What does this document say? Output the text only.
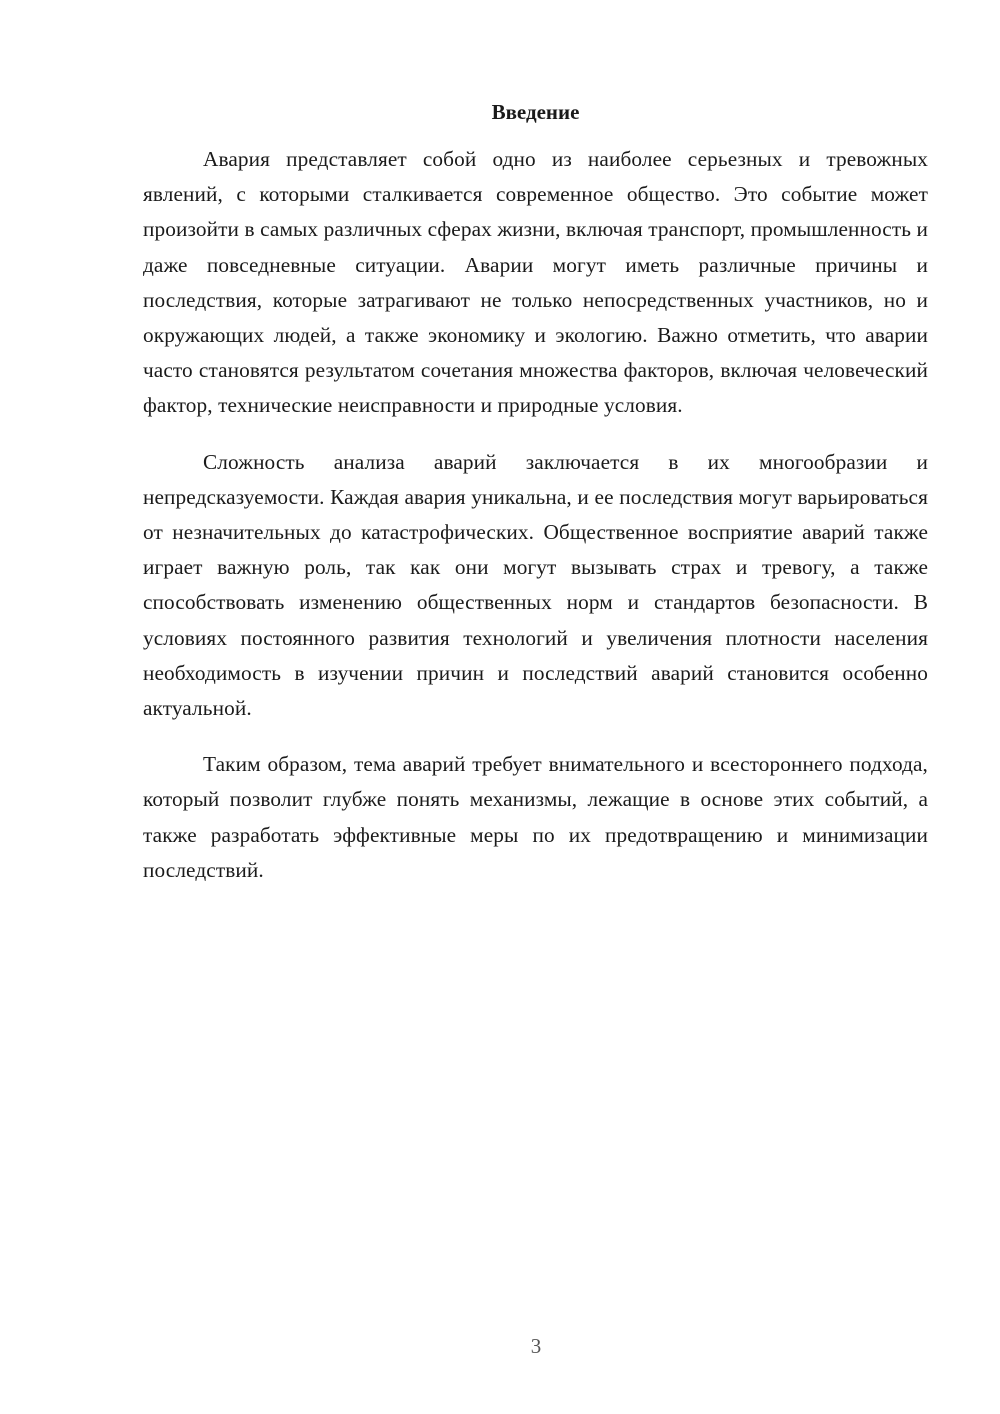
Введение

Авария представляет собой одно из наиболее серьезных и тревожных явлений, с которыми сталкивается современное общество. Это событие может произойти в самых различных сферах жизни, включая транспорт, промышленность и даже повседневные ситуации. Аварии могут иметь различные причины и последствия, которые затрагивают не только непосредственных участников, но и окружающих людей, а также экономику и экологию. Важно отметить, что аварии часто становятся результатом сочетания множества факторов, включая человеческий фактор, технические неисправности и природные условия.

Сложность анализа аварий заключается в их многообразии и непредсказуемости. Каждая авария уникальна, и ее последствия могут варьироваться от незначительных до катастрофических. Общественное восприятие аварий также играет важную роль, так как они могут вызывать страх и тревогу, а также способствовать изменению общественных норм и стандартов безопасности. В условиях постоянного развития технологий и увеличения плотности населения необходимость в изучении причин и последствий аварий становится особенно актуальной.

Таким образом, тема аварий требует внимательного и всестороннего подхода, который позволит глубже понять механизмы, лежащие в основе этих событий, а также разработать эффективные меры по их предотвращению и минимизации последствий.

3
